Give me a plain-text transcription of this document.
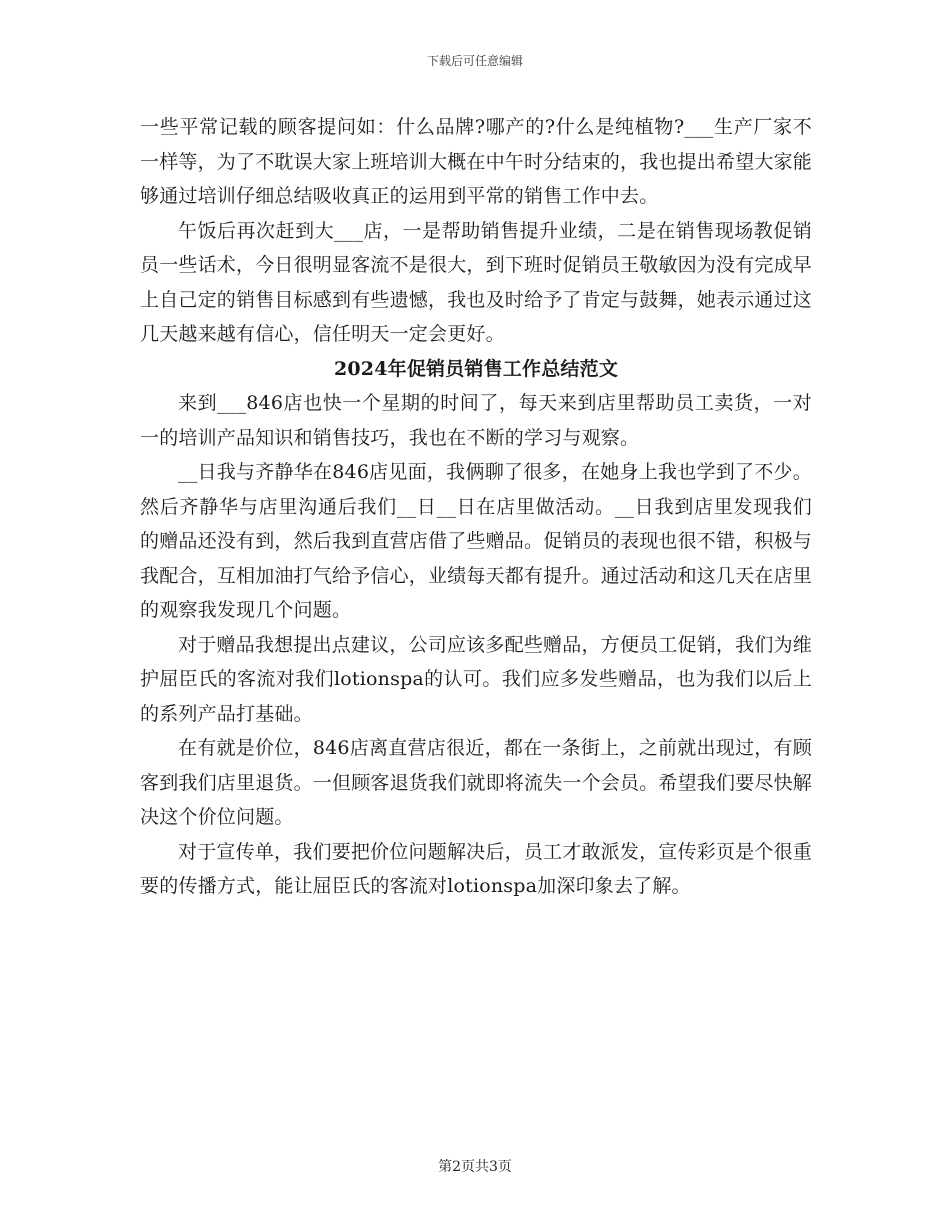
下载后可任意编辑

一些平常记载的顾客提问如：什么品牌?哪产的?什么是纯植物?___生产厂家不一样等，为了不耽误大家上班培训大概在中午时分结束的，我也提出希望大家能够通过培训仔细总结吸收真正的运用到平常的销售工作中去。

午饭后再次赶到大___店，一是帮助销售提升业绩，二是在销售现场教促销员一些话术，今日很明显客流不是很大，到下班时促销员王敬敏因为没有完成早上自己定的销售目标感到有些遗憾，我也及时给予了肯定与鼓舞，她表示通过这几天越来越有信心，信任明天一定会更好。

2024年促销员销售工作总结范文

来到___846店也快一个星期的时间了，每天来到店里帮助员工卖货，一对一的培训产品知识和销售技巧，我也在不断的学习与观察。

__日我与齐静华在846店见面，我俩聊了很多，在她身上我也学到了不少。然后齐静华与店里沟通后我们__日__日在店里做活动。__日我到店里发现我们的赠品还没有到，然后我到直营店借了些赠品。促销员的表现也很不错，积极与我配合，互相加油打气给予信心，业绩每天都有提升。通过活动和这几天在店里的观察我发现几个问题。

对于赠品我想提出点建议，公司应该多配些赠品，方便员工促销，我们为维护屈臣氏的客流对我们lotionspa的认可。我们应多发些赠品，也为我们以后上的系列产品打基础。

在有就是价位，846店离直营店很近，都在一条街上，之前就出现过，有顾客到我们店里退货。一但顾客退货我们就即将流失一个会员。希望我们要尽快解决这个价位问题。

对于宣传单，我们要把价位问题解决后，员工才敢派发，宣传彩页是个很重要的传播方式，能让屈臣氏的客流对lotionspa加深印象去了解。

第2页共3页
